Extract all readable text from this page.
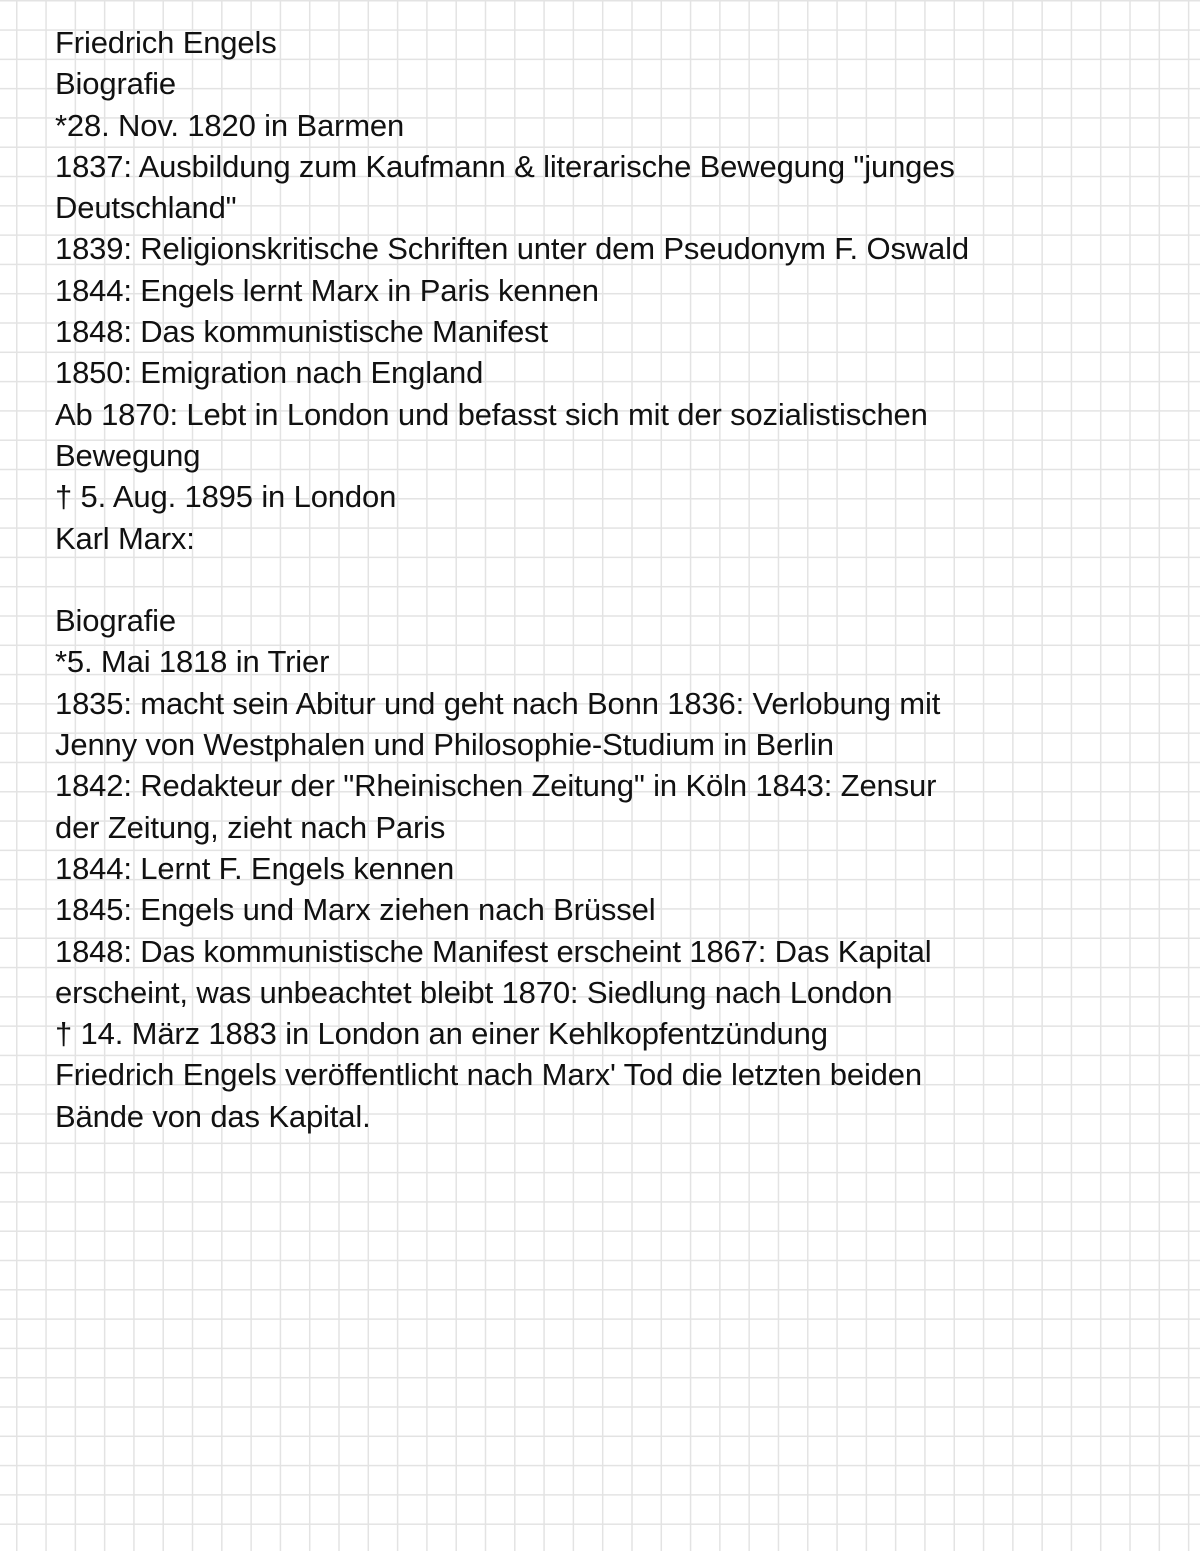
Friedrich Engels
Biografie
*28. Nov. 1820 in Barmen
1837: Ausbildung zum Kaufmann & literarische Bewegung "junges
Deutschland"
1839: Religionskritische Schriften unter dem Pseudonym F. Oswald
1844: Engels lernt Marx in Paris kennen
1848: Das kommunistische Manifest
1850: Emigration nach England
Ab 1870: Lebt in London und befasst sich mit der sozialistischen
Bewegung
† 5. Aug. 1895 in London
Karl Marx:
Biografie
*5. Mai 1818 in Trier
1835: macht sein Abitur und geht nach Bonn 1836: Verlobung mit
Jenny von Westphalen und Philosophie-Studium in Berlin
1842: Redakteur der "Rheinischen Zeitung" in Köln 1843: Zensur
der Zeitung, zieht nach Paris
1844: Lernt F. Engels kennen
1845: Engels und Marx ziehen nach Brüssel
1848: Das kommunistische Manifest erscheint 1867: Das Kapital
erscheint, was unbeachtet bleibt 1870: Siedlung nach London
† 14. März 1883 in London an einer Kehlkopfentzündung
Friedrich Engels veröffentlicht nach Marx' Tod die letzten beiden
Bände von das Kapital.
